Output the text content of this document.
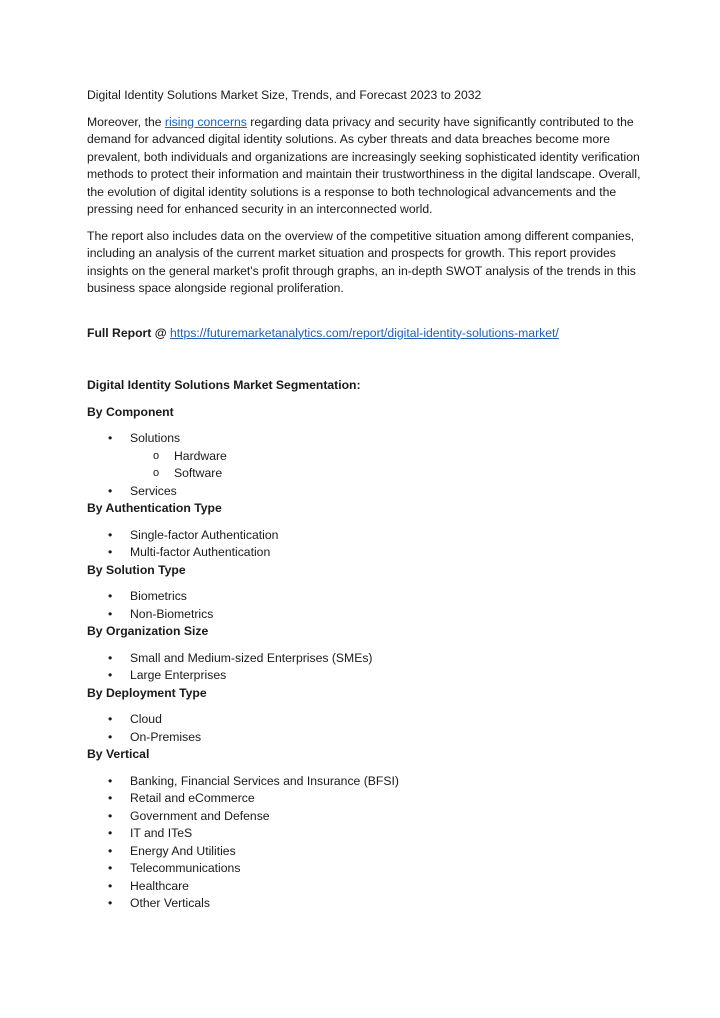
Digital Identity Solutions Market Size, Trends, and Forecast 2023 to 2032

Moreover, the rising concerns regarding data privacy and security have significantly contributed to the demand for advanced digital identity solutions. As cyber threats and data breaches become more prevalent, both individuals and organizations are increasingly seeking sophisticated identity verification methods to protect their information and maintain their trustworthiness in the digital landscape. Overall, the evolution of digital identity solutions is a response to both technological advancements and the pressing need for enhanced security in an interconnected world.

The report also includes data on the overview of the competitive situation among different companies, including an analysis of the current market situation and prospects for growth. This report provides insights on the general market's profit through graphs, an in-depth SWOT analysis of the trends in this business space alongside regional proliferation.

Full Report @ https://futuremarketanalytics.com/report/digital-identity-solutions-market/

Digital Identity Solutions Market Segmentation:

By Component

• Solutions
o Hardware
o Software
• Services

By Authentication Type

• Single-factor Authentication
• Multi-factor Authentication

By Solution Type

• Biometrics
• Non-Biometrics

By Organization Size

• Small and Medium-sized Enterprises (SMEs)
• Large Enterprises

By Deployment Type

• Cloud
• On-Premises

By Vertical

• Banking, Financial Services and Insurance (BFSI)
• Retail and eCommerce
• Government and Defense
• IT and ITeS
• Energy And Utilities
• Telecommunications
• Healthcare
• Other Verticals
